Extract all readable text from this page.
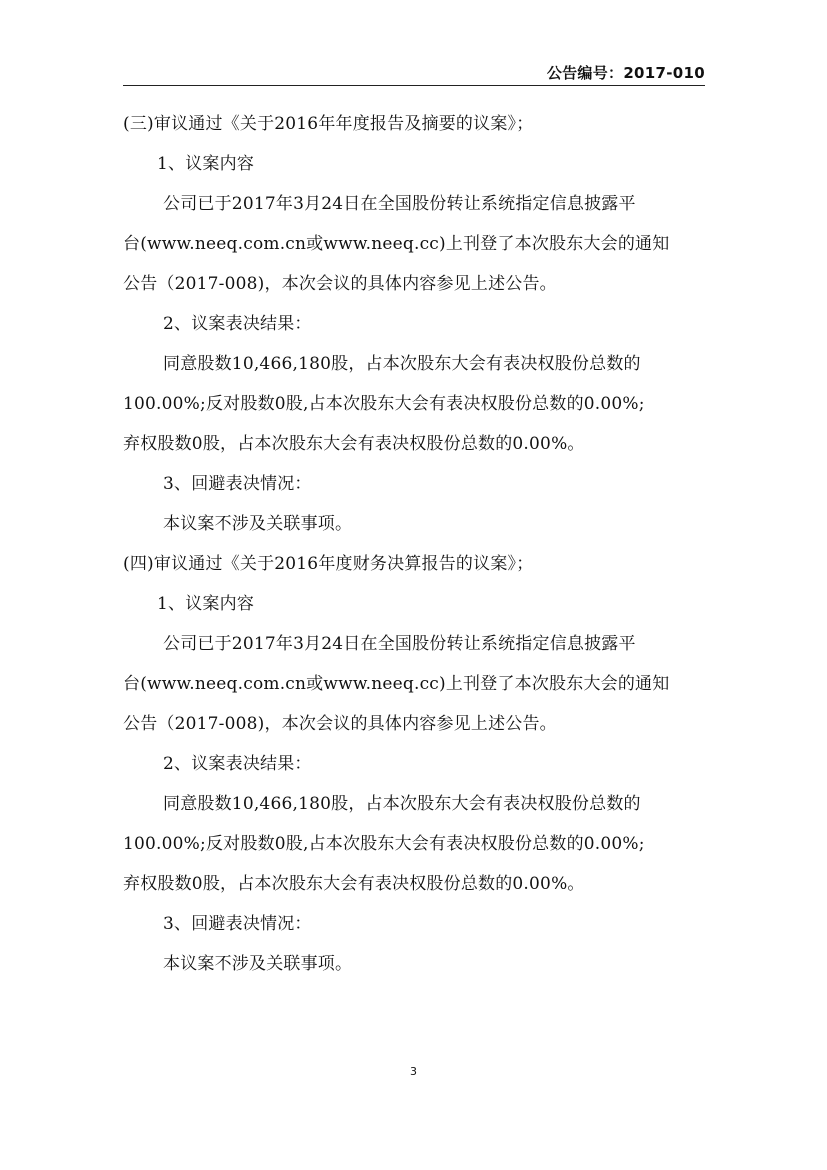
公告编号：2017-010
(三)审议通过《关于2016年年度报告及摘要的议案》；
1、议案内容
公司已于2017年3月24日在全国股份转让系统指定信息披露平
台(www.neeq.com.cn或www.neeq.cc)上刊登了本次股东大会的通知
公告（2017-008)，本次会议的具体内容参见上述公告。
2、议案表决结果：
同意股数10,466,180股，占本次股东大会有表决权股份总数的
100.00%;反对股数0股,占本次股东大会有表决权股份总数的0.00%;
弃权股数0股，占本次股东大会有表决权股份总数的0.00%。
3、回避表决情况：
本议案不涉及关联事项。
(四)审议通过《关于2016年度财务决算报告的议案》；
1、议案内容
公司已于2017年3月24日在全国股份转让系统指定信息披露平
台(www.neeq.com.cn或www.neeq.cc)上刊登了本次股东大会的通知
公告（2017-008)，本次会议的具体内容参见上述公告。
2、议案表决结果：
同意股数10,466,180股，占本次股东大会有表决权股份总数的
100.00%;反对股数0股,占本次股东大会有表决权股份总数的0.00%;
弃权股数0股，占本次股东大会有表决权股份总数的0.00%。
3、回避表决情况：
本议案不涉及关联事项。
3
